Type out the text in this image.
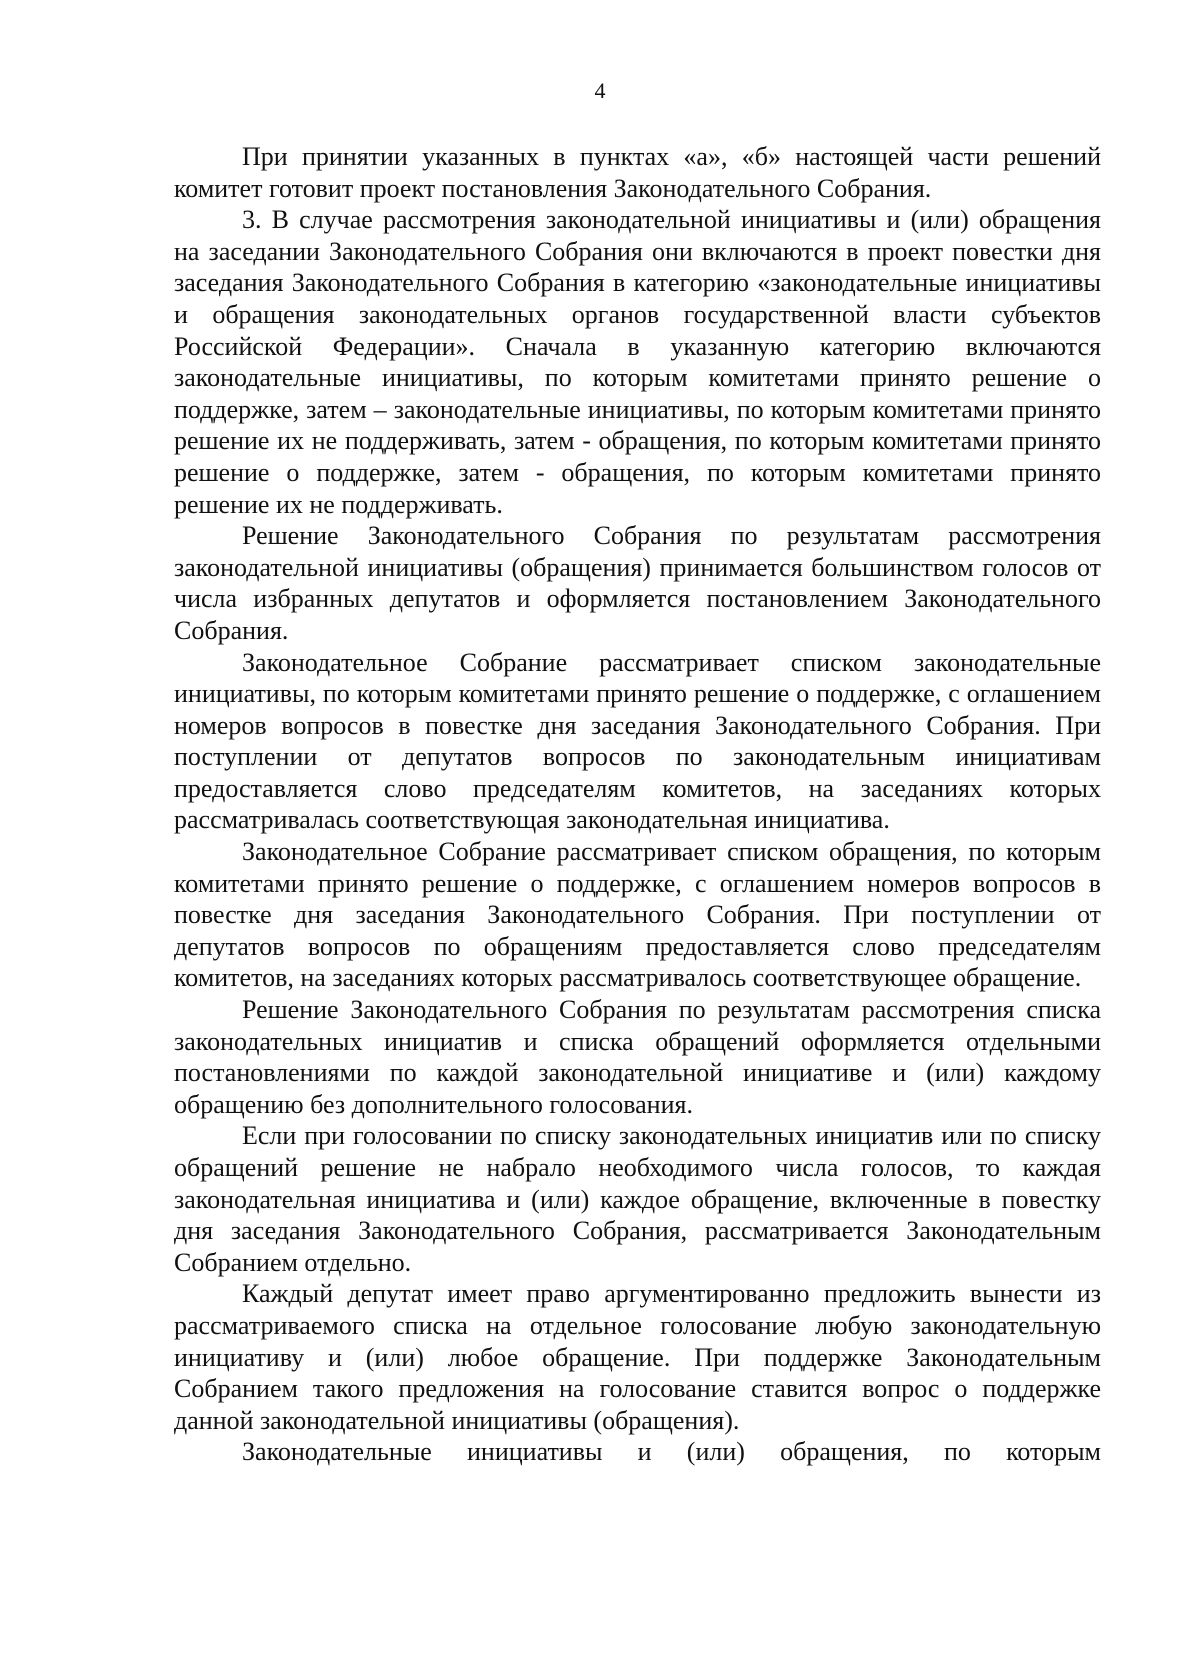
4

При принятии указанных в пунктах «а», «б» настоящей части решений комитет готовит проект постановления Законодательного Собрания.

3. В случае рассмотрения законодательной инициативы и (или) обращения на заседании Законодательного Собрания они включаются в проект повестки дня заседания Законодательного Собрания в категорию «законодательные инициативы и обращения законодательных органов государственной власти субъектов Российской Федерации». Сначала в указанную категорию включаются законодательные инициативы, по которым комитетами принято решение о поддержке, затем – законодательные инициативы, по которым комитетами принято решение их не поддерживать, затем - обращения, по которым комитетами принято решение о поддержке, затем - обращения, по которым комитетами принято решение их не поддерживать.

Решение Законодательного Собрания по результатам рассмотрения законодательной инициативы (обращения) принимается большинством голосов от числа избранных депутатов и оформляется постановлением Законодательного Собрания.

Законодательное Собрание рассматривает списком законодательные инициативы, по которым комитетами принято решение о поддержке, с оглашением номеров вопросов в повестке дня заседания Законодательного Собрания. При поступлении от депутатов вопросов по законодательным инициативам предоставляется слово председателям комитетов, на заседаниях которых рассматривалась соответствующая законодательная инициатива.

Законодательное Собрание рассматривает списком обращения, по которым комитетами принято решение о поддержке, с оглашением номеров вопросов в повестке дня заседания Законодательного Собрания. При поступлении от депутатов вопросов по обращениям предоставляется слово председателям комитетов, на заседаниях которых рассматривалось соответствующее обращение.

Решение Законодательного Собрания по результатам рассмотрения списка законодательных инициатив и списка обращений оформляется отдельными постановлениями по каждой законодательной инициативе и (или) каждому обращению без дополнительного голосования.

Если при голосовании по списку законодательных инициатив или по списку обращений решение не набрало необходимого числа голосов, то каждая законодательная инициатива и (или) каждое обращение, включенные в повестку дня заседания Законодательного Собрания, рассматривается Законодательным Собранием отдельно.

Каждый депутат имеет право аргументированно предложить вынести из рассматриваемого списка на отдельное голосование любую законодательную инициативу и (или) любое обращение. При поддержке Законодательным Собранием такого предложения на голосование ставится вопрос о поддержке данной законодательной инициативы (обращения).

Законодательные инициативы и (или) обращения, по которым
